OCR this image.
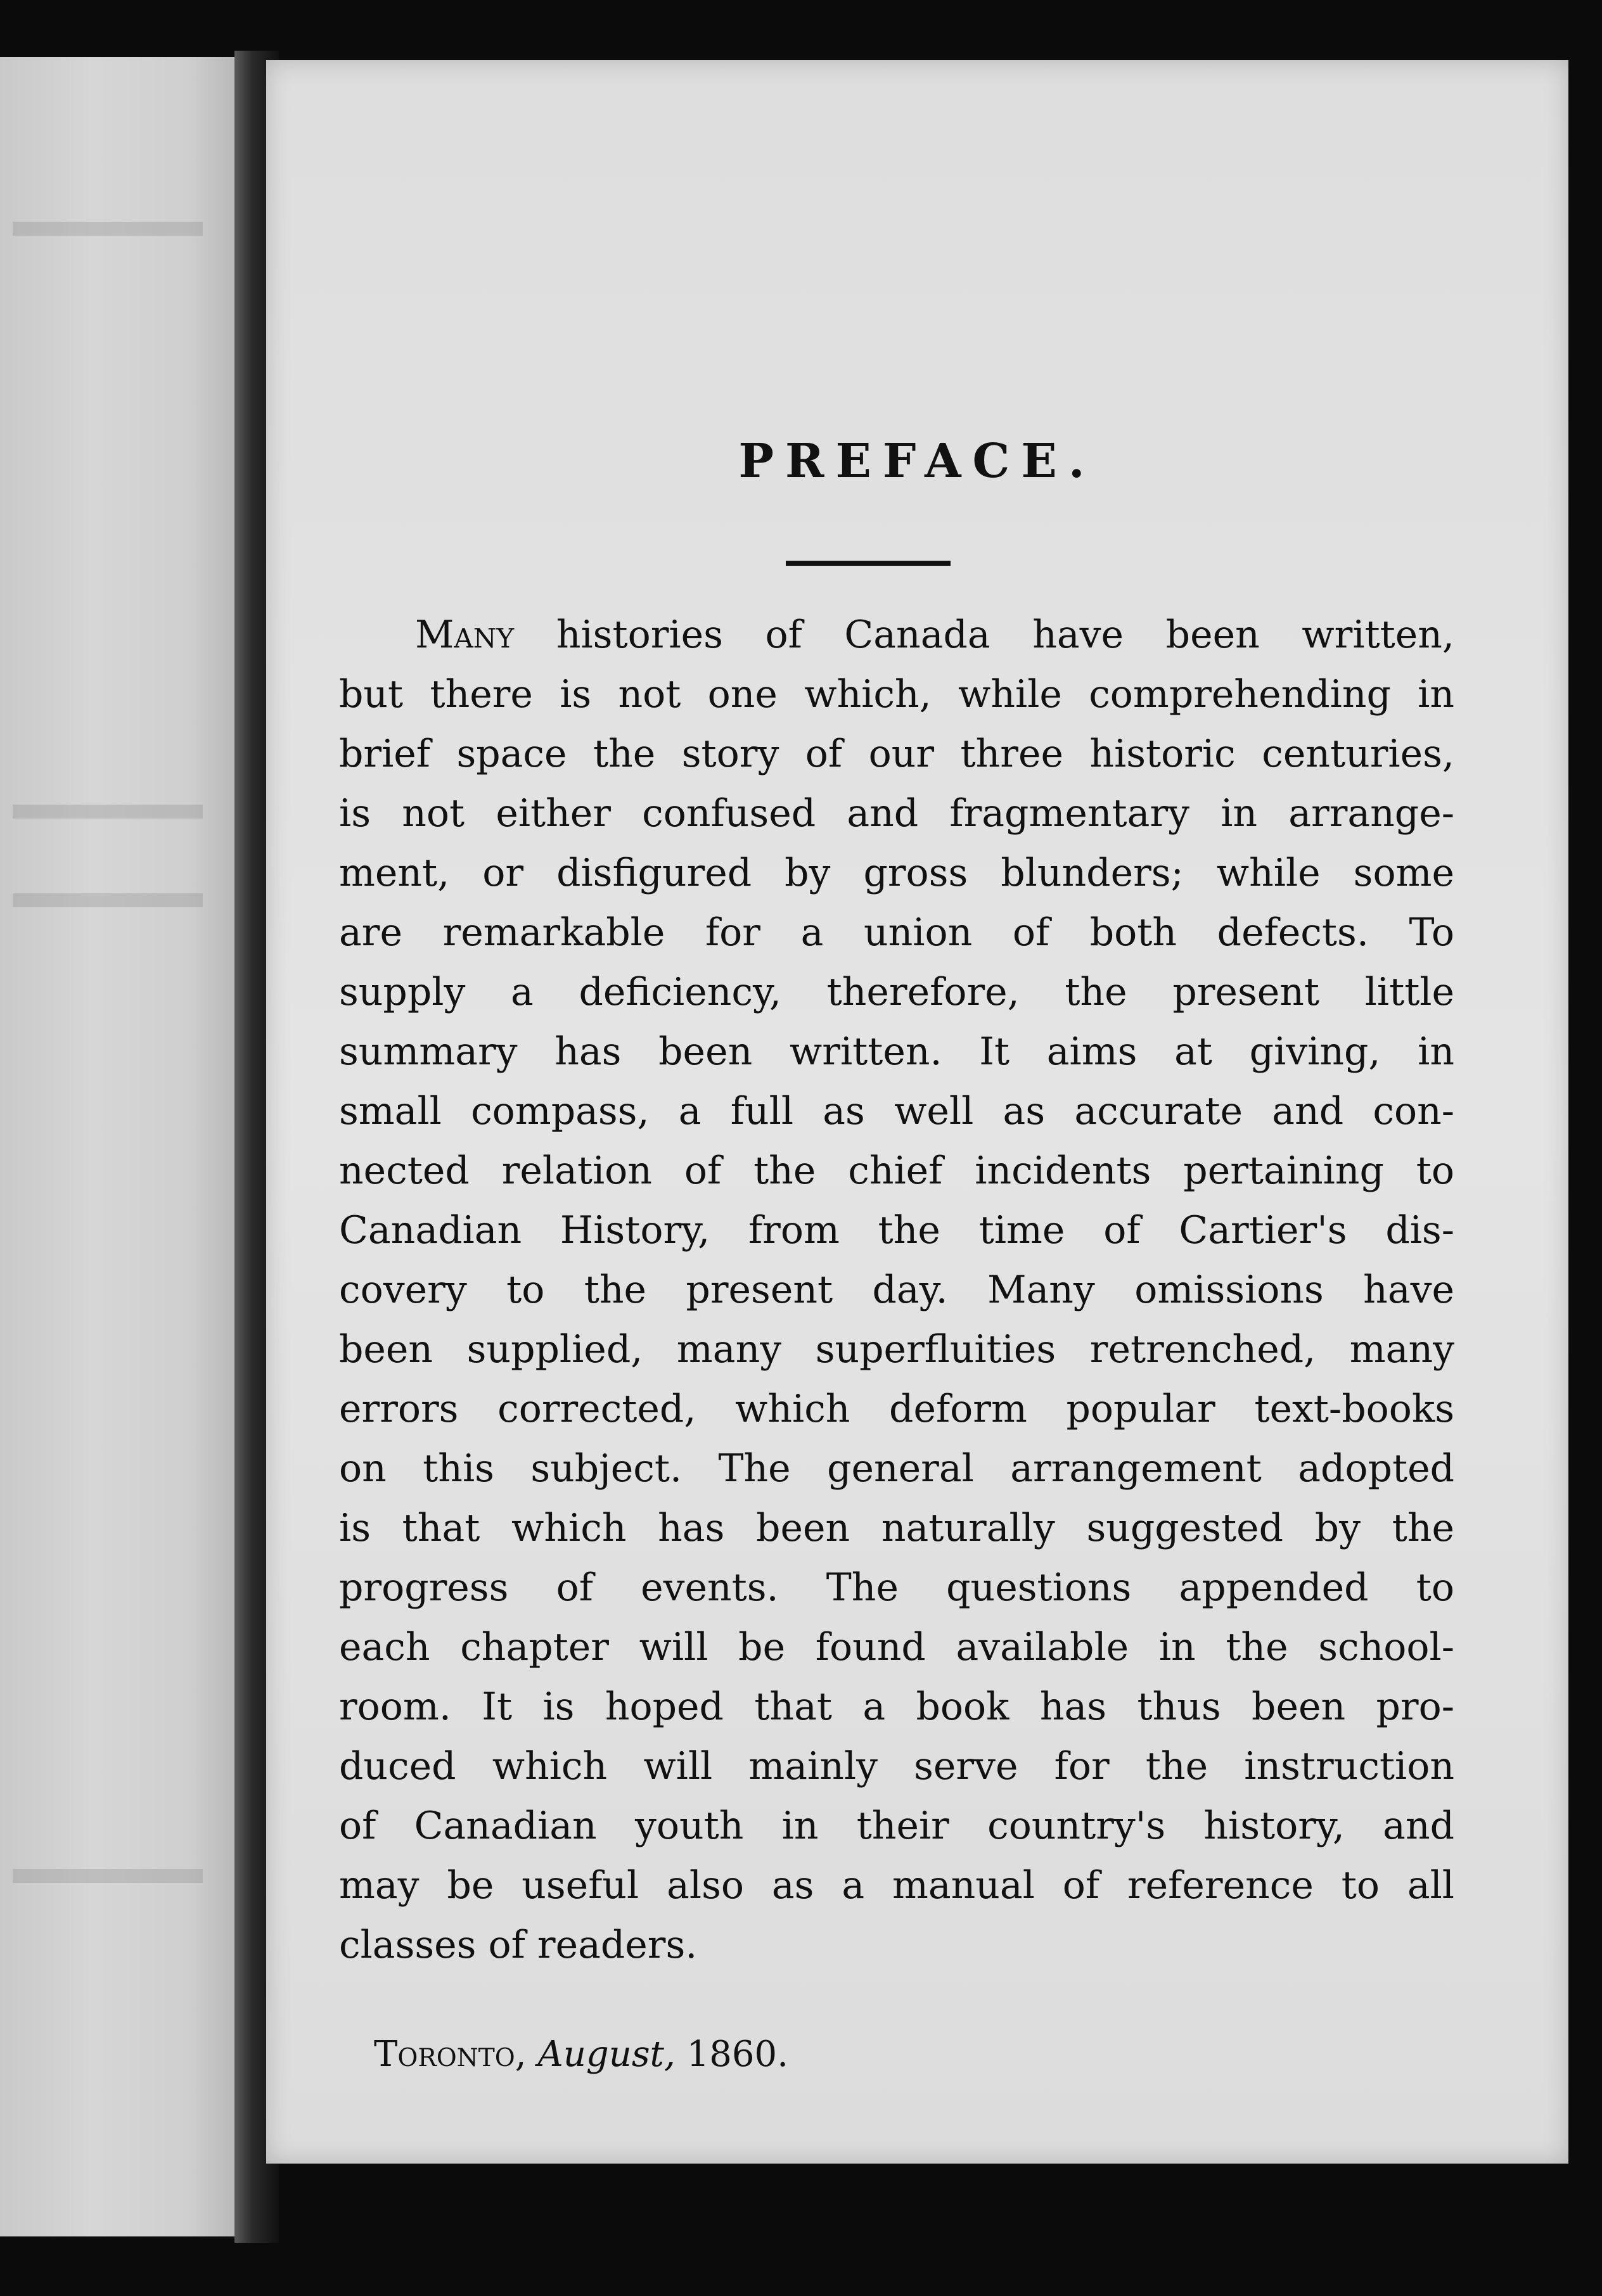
PREFACE.
Many histories of Canada have been written,
but there is not one which, while comprehending in
brief space the story of our three historic centuries,
is not either confused and fragmentary in arrange-
ment, or disfigured by gross blunders; while some
are remarkable for a union of both defects. To
supply a deficiency, therefore, the present little
summary has been written. It aims at giving, in
small compass, a full as well as accurate and con-
nected relation of the chief incidents pertaining to
Canadian History, from the time of Cartier's dis-
covery to the present day. Many omissions have
been supplied, many superfluities retrenched, many
errors corrected, which deform popular text-books
on this subject. The general arrangement adopted
is that which has been naturally suggested by the
progress of events. The questions appended to
each chapter will be found available in the school-
room. It is hoped that a book has thus been pro-
duced which will mainly serve for the instruction
of Canadian youth in their country's history, and
may be useful also as a manual of reference to all
classes of readers.
Toronto, August, 1860.
